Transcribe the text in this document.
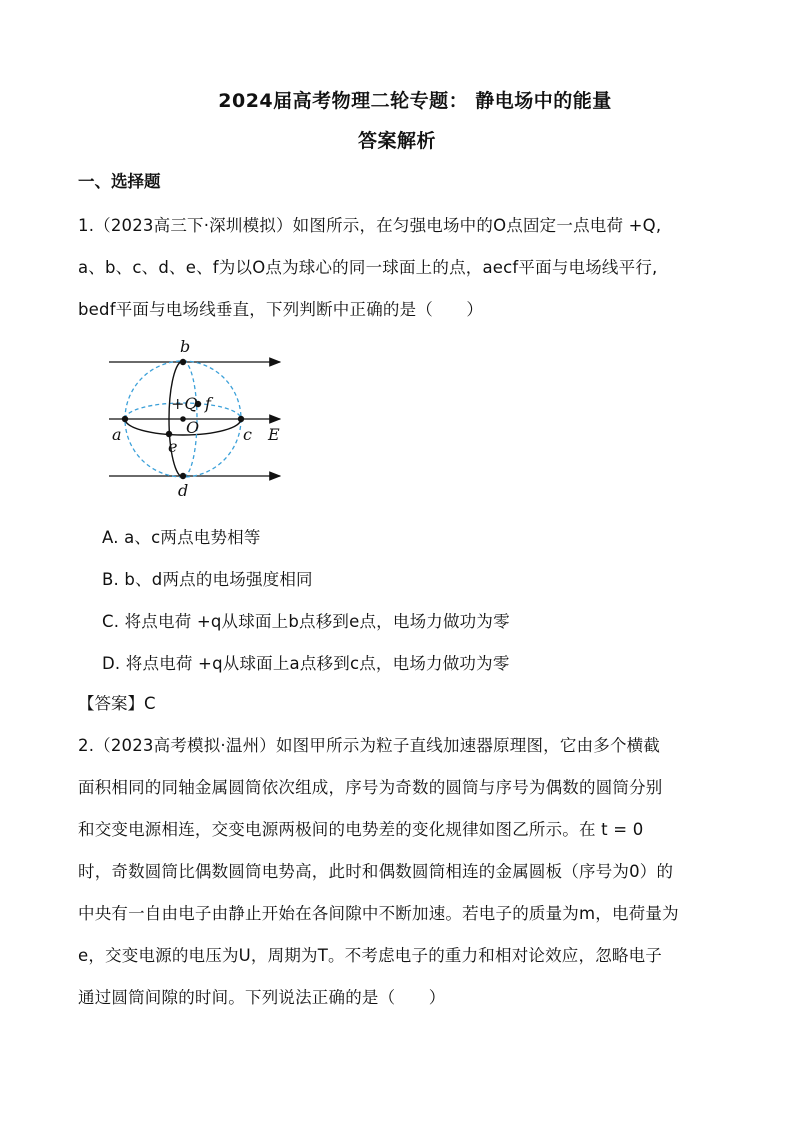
2024届高考物理二轮专题： 静电场中的能量
答案解析
一、选择题
1.（2023高三下·深圳模拟）如图所示，在匀强电场中的O点固定一点电荷 +Q,
a、b、c、d、e、f为以O点为球心的同一球面上的点，aecf平面与电场线平行,
bedf平面与电场线垂直，下列判断中正确的是（　　）
b
d
a	c
e
f
+Q
O	E
A. a、c两点电势相等
B. b、d两点的电场强度相同
C. 将点电荷 +q从球面上b点移到e点，电场力做功为零
D. 将点电荷 +q从球面上a点移到c点，电场力做功为零
【答案】C
2.（2023高考模拟·温州）如图甲所示为粒子直线加速器原理图，它由多个横截
面积相同的同轴金属圆筒依次组成，序号为奇数的圆筒与序号为偶数的圆筒分别
和交变电源相连，交变电源两极间的电势差的变化规律如图乙所示。在 t = 0
时，奇数圆筒比偶数圆筒电势高，此时和偶数圆筒相连的金属圆板（序号为0）的
中央有一自由电子由静止开始在各间隙中不断加速。若电子的质量为m，电荷量为
e，交变电源的电压为U，周期为T。不考虑电子的重力和相对论效应，忽略电子
通过圆筒间隙的时间。下列说法正确的是（　　）
